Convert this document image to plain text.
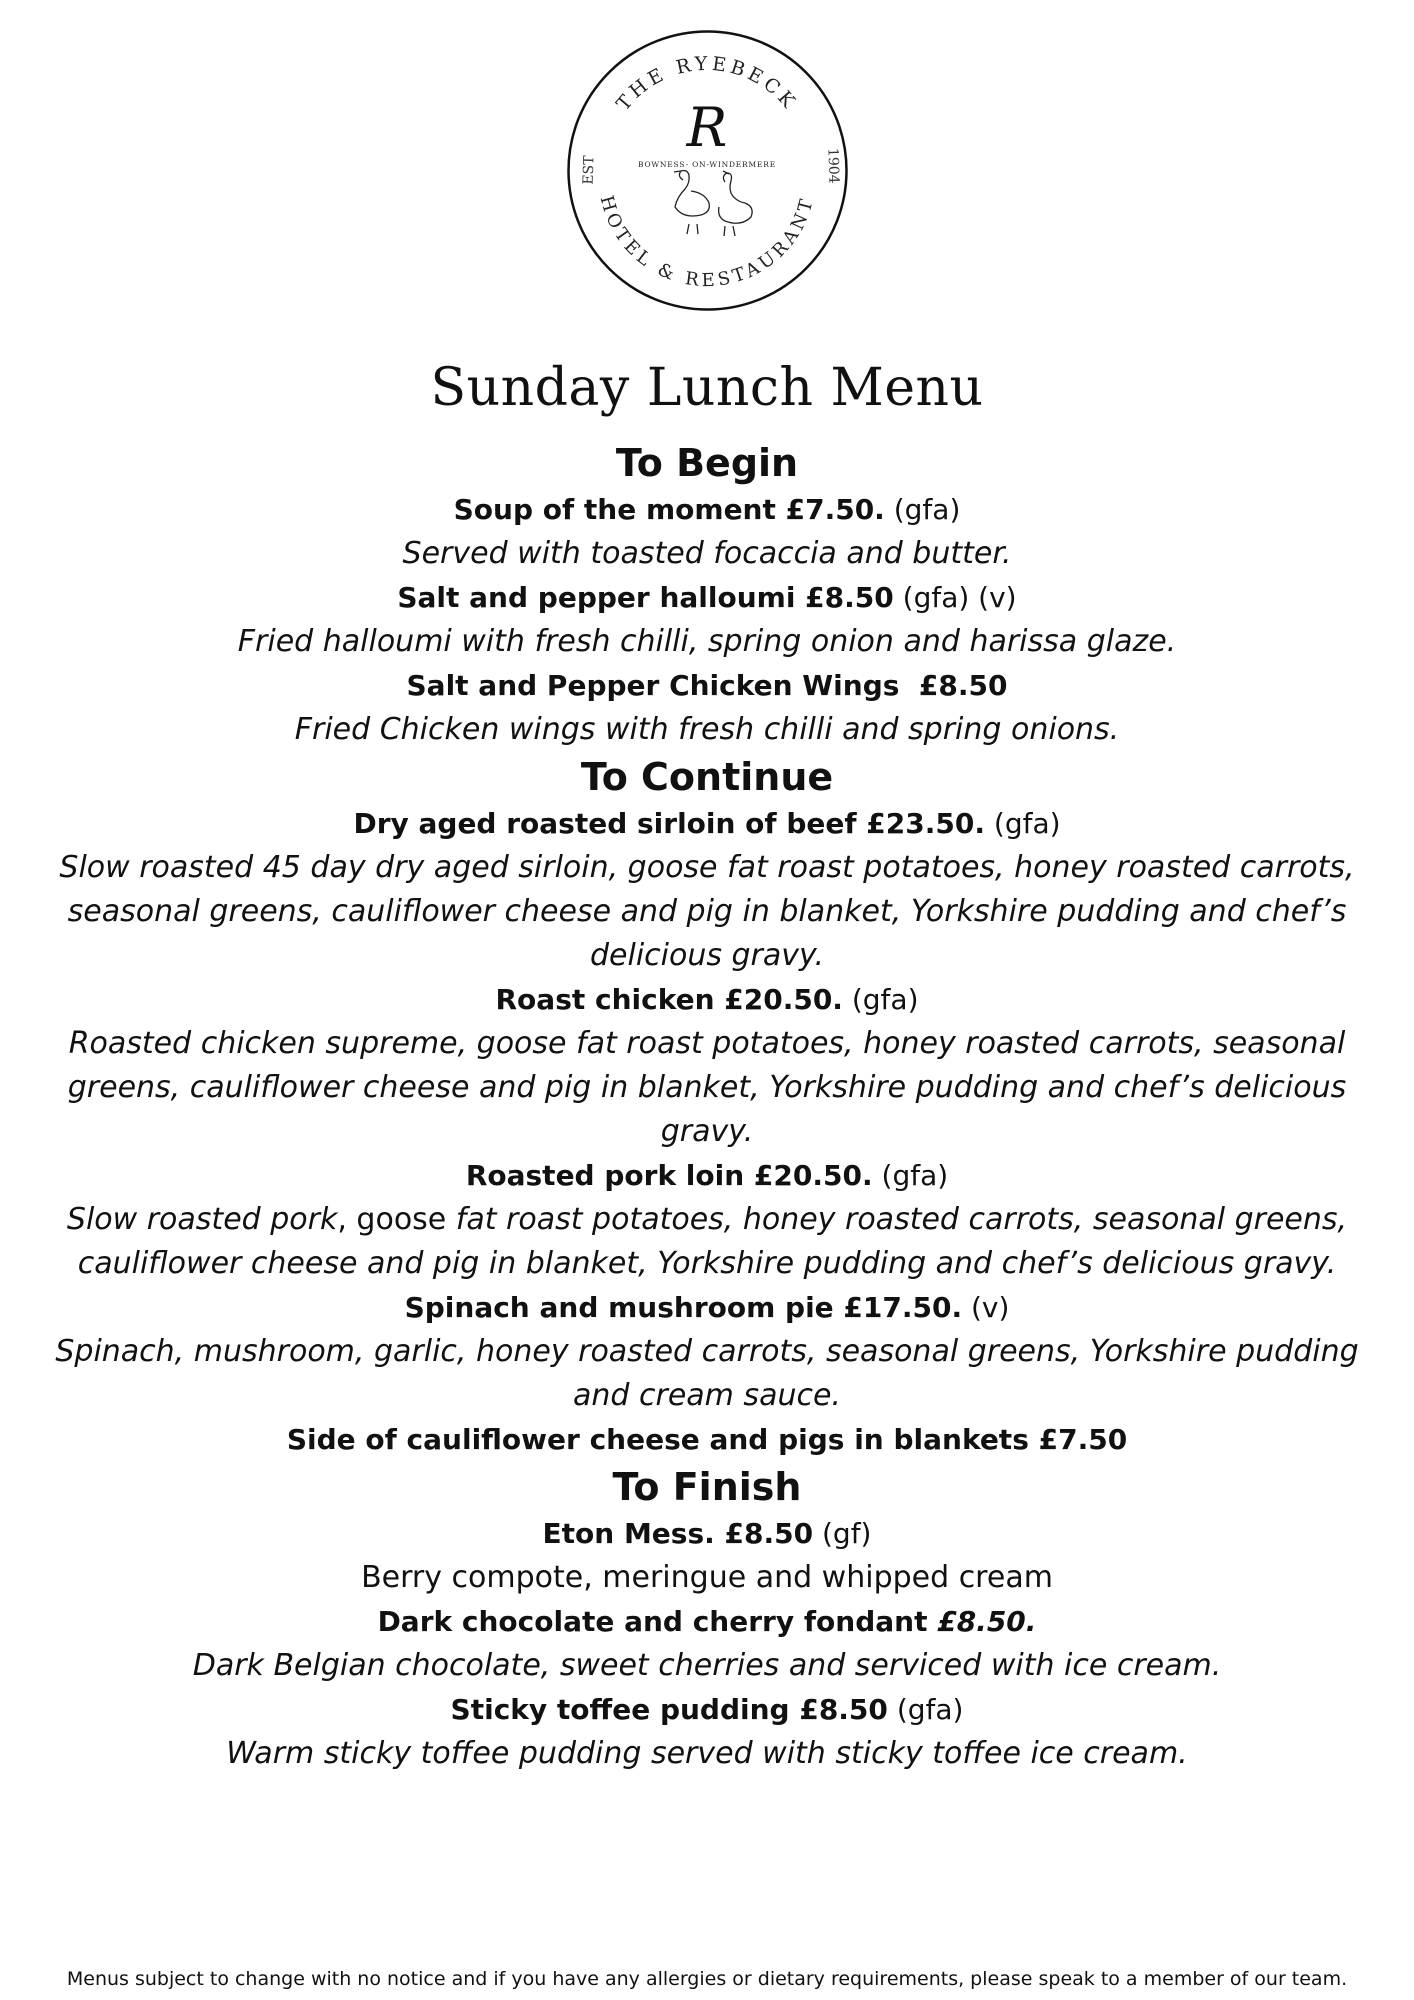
THE RYEBECK
HOTEL & RESTAURANT
EST	1904
R
BOWNESS- ON-WINDERMERE
Sunday Lunch Menu

To Begin

Soup of the moment £7.50. (gfa)

Served with toasted focaccia and butter.

Salt and pepper halloumi £8.50 (gfa) (v)

Fried halloumi with fresh chilli, spring onion and harissa glaze.

Salt and Pepper Chicken Wings  £8.50

Fried Chicken wings with fresh chilli and spring onions.

To Continue

Dry aged roasted sirloin of beef £23.50. (gfa)

Slow roasted 45 day dry aged sirloin, goose fat roast potatoes, honey roasted carrots, seasonal greens, cauliflower cheese and pig in blanket, Yorkshire pudding and chef’s delicious gravy.

Roast chicken £20.50. (gfa)

Roasted chicken supreme, goose fat roast potatoes, honey roasted carrots, seasonal greens, cauliflower cheese and pig in blanket, Yorkshire pudding and chef’s delicious gravy.

Roasted pork loin £20.50. (gfa)

Slow roasted pork, goose fat roast potatoes, honey roasted carrots, seasonal greens, cauliflower cheese and pig in blanket, Yorkshire pudding and chef’s delicious gravy.

Spinach and mushroom pie £17.50. (v)

Spinach, mushroom, garlic, honey roasted carrots, seasonal greens, Yorkshire pudding and cream sauce.

Side of cauliflower cheese and pigs in blankets £7.50

To Finish

Eton Mess. £8.50 (gf)

Berry compote, meringue and whipped cream

Dark chocolate and cherry fondant £8.50.

Dark Belgian chocolate, sweet cherries and serviced with ice cream.

Sticky toffee pudding £8.50 (gfa)

Warm sticky toffee pudding served with sticky toffee ice cream.

Menus subject to change with no notice and if you have any allergies or dietary requirements, please speak to a member of our team.
